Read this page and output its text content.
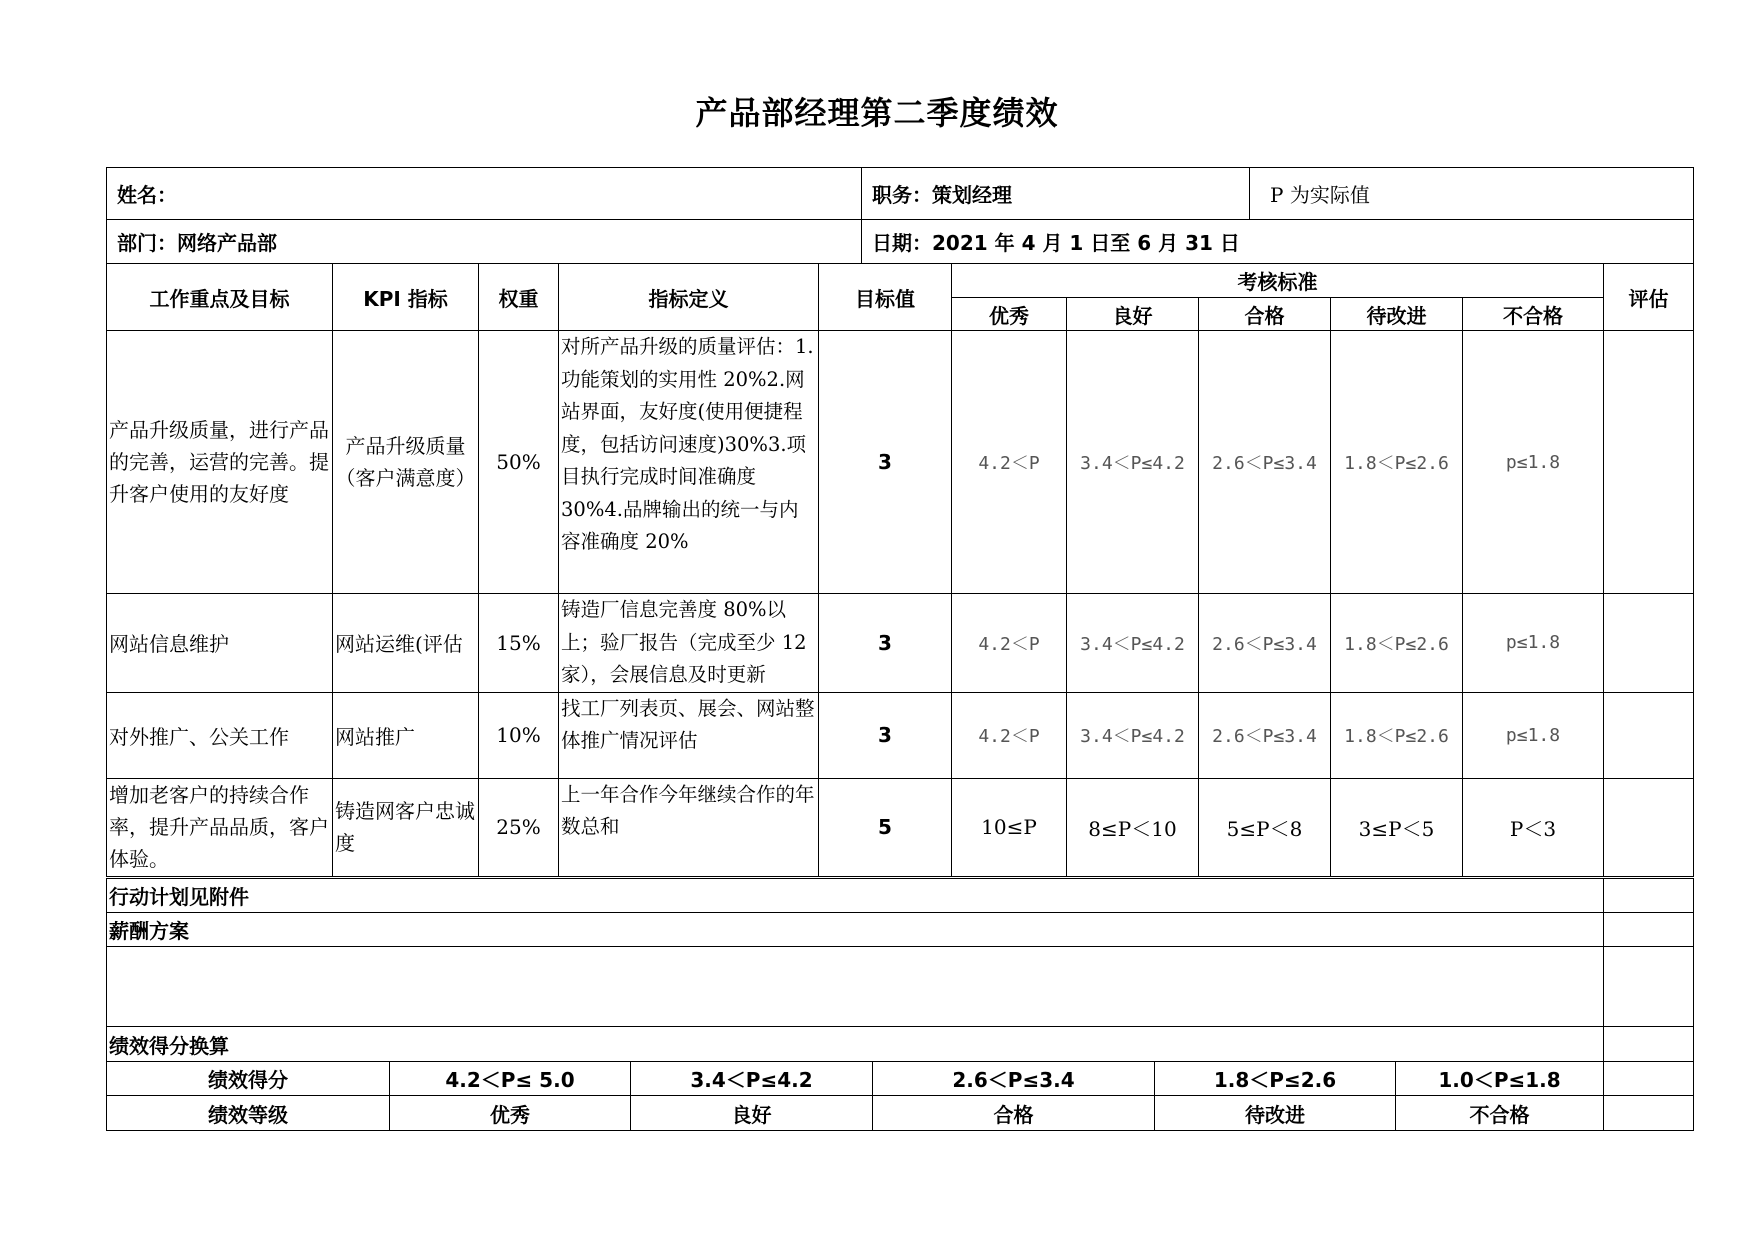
产品部经理第二季度绩效
姓名：	职务：策划经理	P 为实际值
部门：网络产品部	日期：2021 年 4 月 1 日至 6 月 31 日	
工作重点及目标	KPI 指标	权重	指标定义	目标值	考核标准					评估
					优秀	良好	合格	待改进	不合格	
产品升级质量，进行产品的完善，运营的完善。提升客户使用的友好度	产品升级质量（客户满意度）	50%	对所产品升级的质量评估：1.功能策划的实用性 20%2.网站界面，友好度(使用便捷程度，包括访问速度)30%3.项目执行完成时间准确度 30%4.品牌输出的统一与内容准确度 20%	3	4.2＜P	3.4＜P≤4.2	2.6＜P≤3.4	1.8＜P≤2.6	p≤1.8	
网站信息维护	网站运维(评估	15%	铸造厂信息完善度 80%以上；验厂报告（完成至少 12 家），会展信息及时更新	3	4.2＜P	3.4＜P≤4.2	2.6＜P≤3.4	1.8＜P≤2.6	p≤1.8	
对外推广、公关工作	网站推广	10%	找工厂列表页、展会、网站整体推广情况评估	3	4.2＜P	3.4＜P≤4.2	2.6＜P≤3.4	1.8＜P≤2.6	p≤1.8	
增加老客户的持续合作率，提升产品品质，客户体验。	铸造网客户忠诚度	25%	上一年合作今年继续合作的年数总和	5	10≤P	8≤P＜10	5≤P＜8	3≤P＜5	P＜3	
行动计划见附件						
薪酬方案						

绩效得分换算						
绩效得分	4.2＜P≤ 5.0	3.4＜P≤4.2	2.6＜P≤3.4	1.8＜P≤2.6	1.0＜P≤1.8	
绩效等级	优秀	良好	合格	待改进	不合格	
